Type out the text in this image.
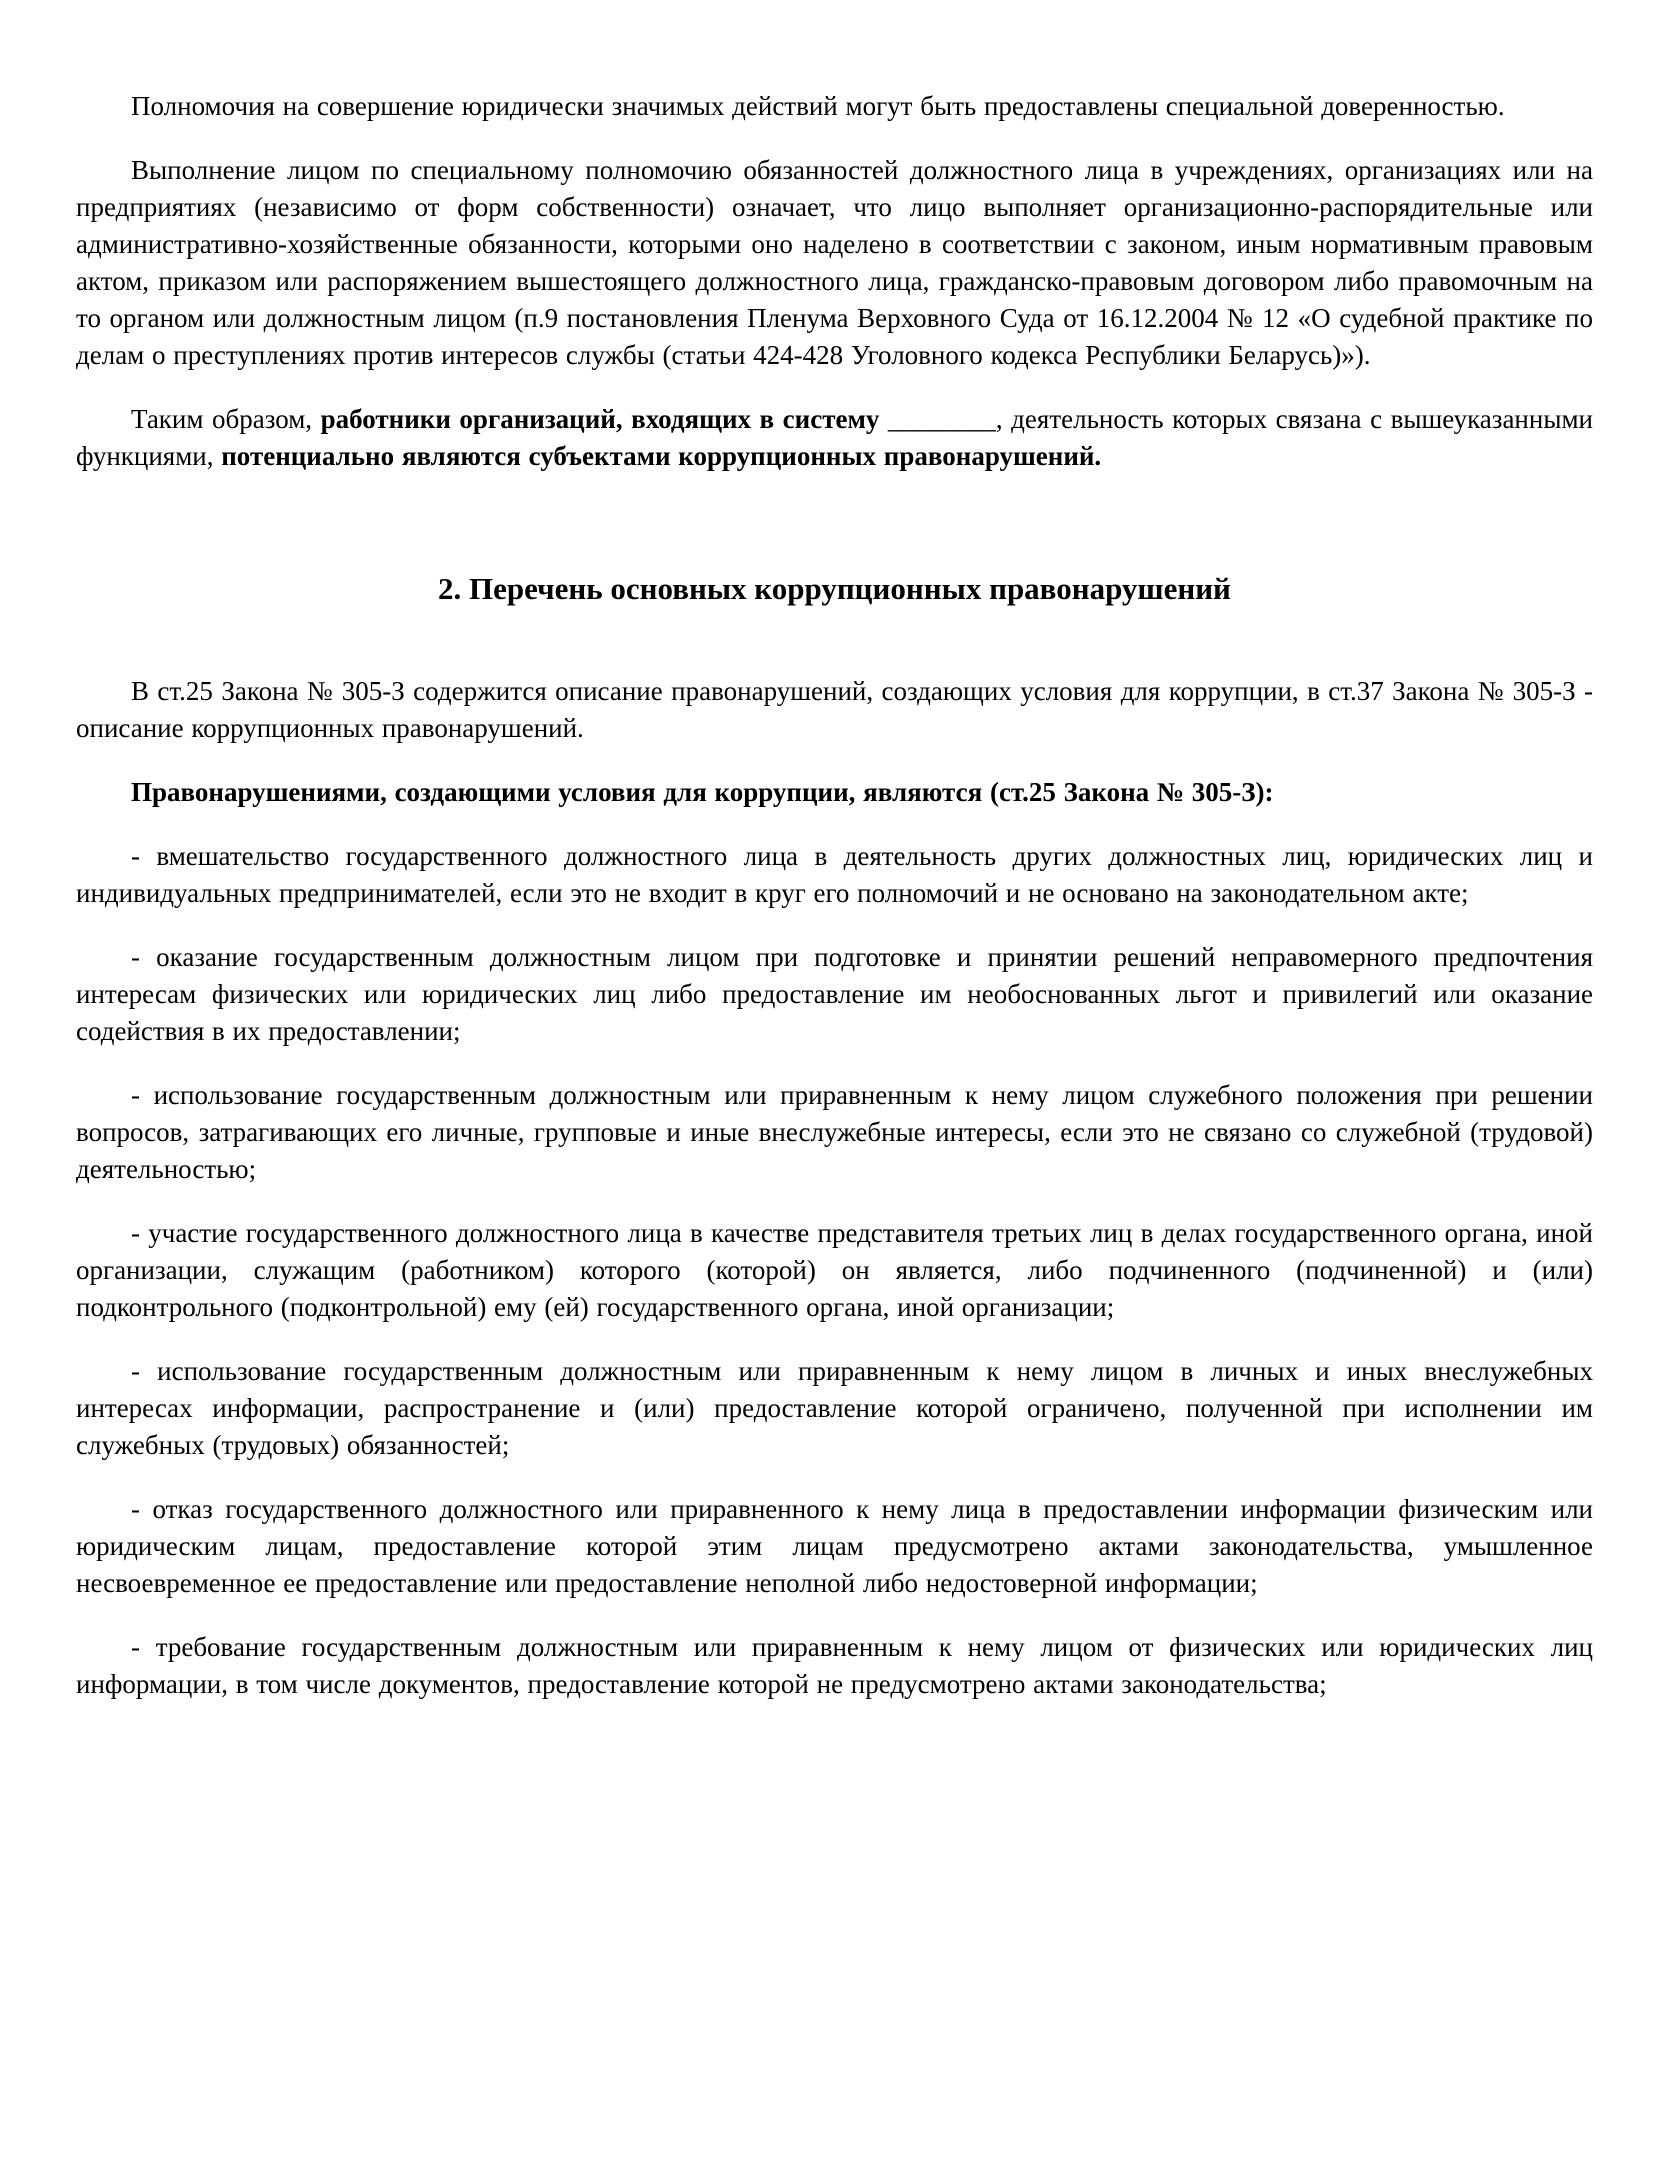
Полномочия на совершение юридически значимых действий могут быть предоставлены специальной доверенностью.

Выполнение лицом по специальному полномочию обязанностей должностного лица в учреждениях, организациях или на предприятиях (независимо от форм собственности) означает, что лицо выполняет организационно-распорядительные или административно-хозяйственные обязанности, которыми оно наделено в соответствии с законом, иным нормативным правовым актом, приказом или распоряжением вышестоящего должностного лица, гражданско-правовым договором либо правомочным на то органом или должностным лицом (п.9 постановления Пленума Верховного Суда от 16.12.2004 № 12 «О судебной практике по делам о преступлениях против интересов службы (статьи 424-428 Уголовного кодекса Республики Беларусь)»).

Таким образом, работники организаций, входящих в систему ________, деятельность которых связана с вышеуказанными функциями, потенциально являются субъектами коррупционных правонарушений.

2. Перечень основных коррупционных правонарушений

В ст.25 Закона № 305-З содержится описание правонарушений, создающих условия для коррупции, в ст.37 Закона № 305-З - описание коррупционных правонарушений.

Правонарушениями, создающими условия для коррупции, являются (ст.25 Закона № 305-З):

- вмешательство государственного должностного лица в деятельность других должностных лиц, юридических лиц и индивидуальных предпринимателей, если это не входит в круг его полномочий и не основано на законодательном акте;

- оказание государственным должностным лицом при подготовке и принятии решений неправомерного предпочтения интересам физических или юридических лиц либо предоставление им необоснованных льгот и привилегий или оказание содействия в их предоставлении;

- использование государственным должностным или приравненным к нему лицом служебного положения при решении вопросов, затрагивающих его личные, групповые и иные внеслужебные интересы, если это не связано со служебной (трудовой) деятельностью;

- участие государственного должностного лица в качестве представителя третьих лиц в делах государственного органа, иной организации, служащим (работником) которого (которой) он является, либо подчиненного (подчиненной) и (или) подконтрольного (подконтрольной) ему (ей) государственного органа, иной организации;

- использование государственным должностным или приравненным к нему лицом в личных и иных внеслужебных интересах информации, распространение и (или) предоставление которой ограничено, полученной при исполнении им служебных (трудовых) обязанностей;

- отказ государственного должностного или приравненного к нему лица в предоставлении информации физическим или юридическим лицам, предоставление которой этим лицам предусмотрено актами законодательства, умышленное несвоевременное ее предоставление или предоставление неполной либо недостоверной информации;

- требование государственным должностным или приравненным к нему лицом от физических или юридических лиц информации, в том числе документов, предоставление которой не предусмотрено актами законодательства;
